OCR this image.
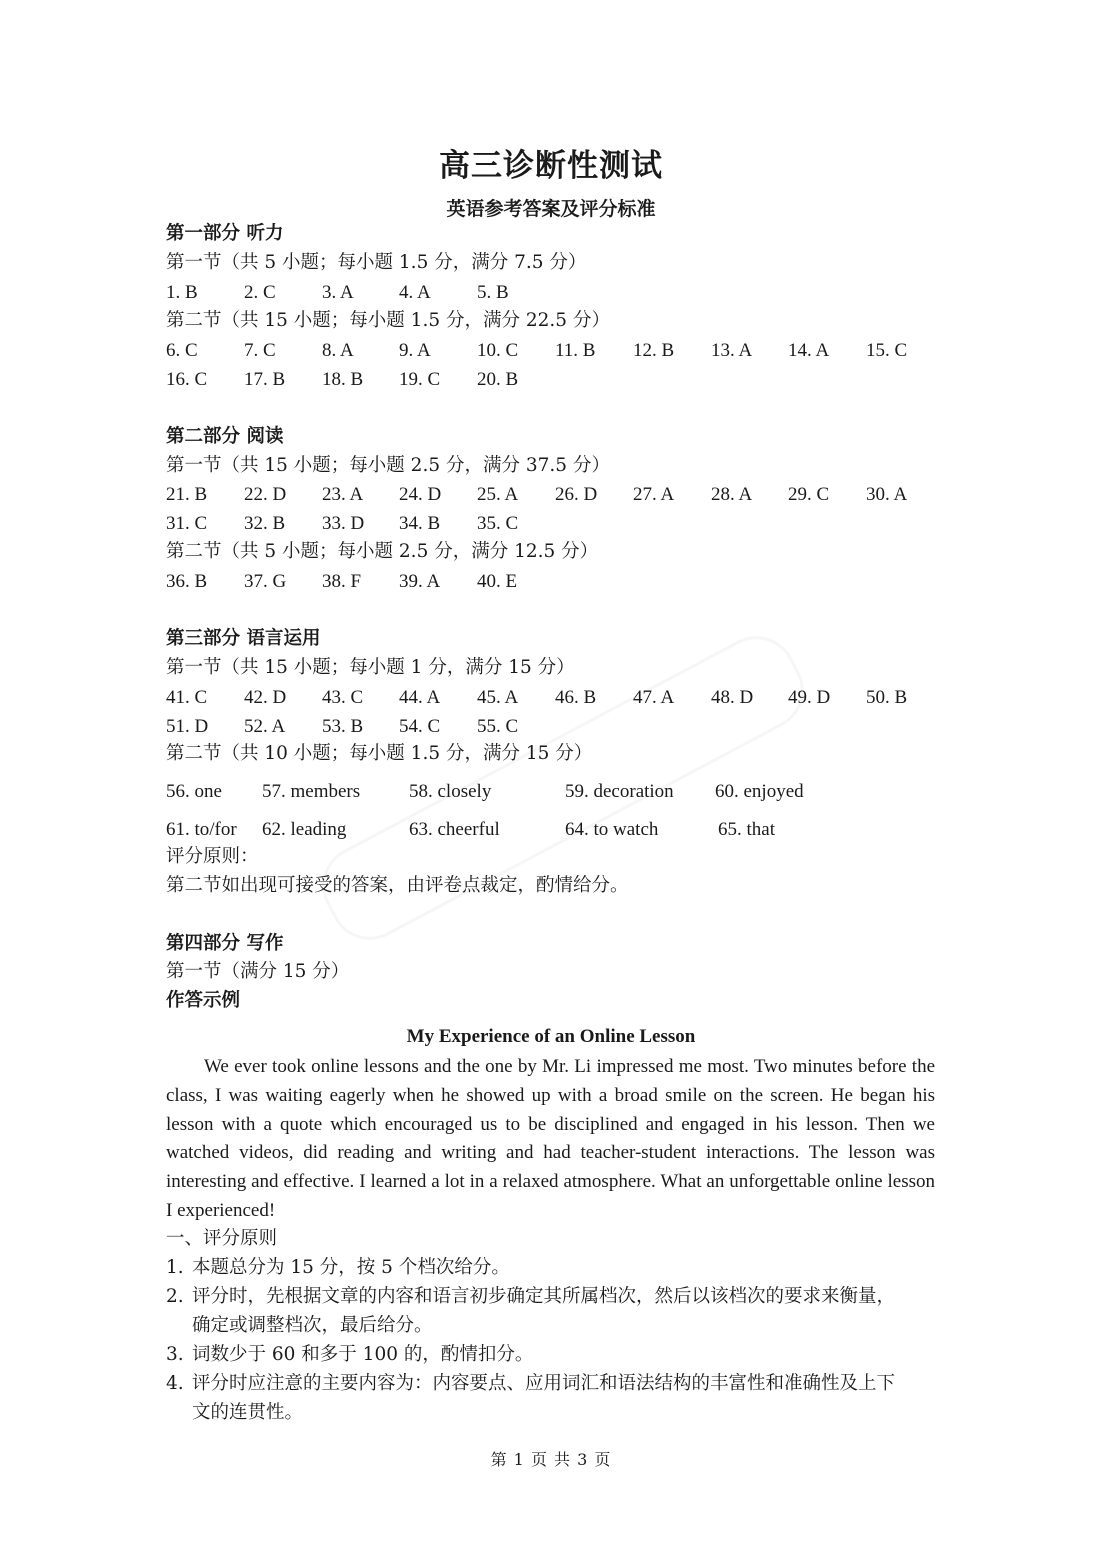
高三诊断性测试
英语参考答案及评分标准
第一部分 听力
第一节（共 5 小题；每小题 1.5 分，满分 7.5 分）
1. B 2. C 3. A 4. A 5. B
第二节（共 15 小题；每小题 1.5 分，满分 22.5 分）
6. C 7. C 8. A 9. A 10. C 11. B 12. B 13. A 14. A 15. C
16. C 17. B 18. B 19. C 20. B
第二部分 阅读
第一节（共 15 小题；每小题 2.5 分，满分 37.5 分）
21. B 22. D 23. A 24. D 25. A 26. D 27. A 28. A 29. C 30. A
31. C 32. B 33. D 34. B 35. C
第二节（共 5 小题；每小题 2.5 分，满分 12.5 分）
36. B 37. G 38. F 39. A 40. E
第三部分 语言运用
第一节（共 15 小题；每小题 1 分，满分 15 分）
41. C 42. D 43. C 44. A 45. A 46. B 47. A 48. D 49. D 50. B
51. D 52. A 53. B 54. C 55. C
第二节（共 10 小题；每小题 1.5 分，满分 15 分）
56. one 57. members	58. closely	59. decoration 60. enjoyed
61. to/for 62. leading	63. cheerful	64. to watch	65. that
评分原则：
第二节如出现可接受的答案，由评卷点裁定，酌情给分。
第四部分 写作
第一节（满分 15 分）
作答示例
My Experience of an Online Lesson

We ever took online lessons and the one by Mr. Li impressed me most. Two minutes before the class, I was waiting eagerly when he showed up with a broad smile on the screen. He began his lesson with a quote which encouraged us to be disciplined and engaged in his lesson. Then we watched videos, did reading and writing and had teacher-student interactions. The lesson was interesting and effective. I learned a lot in a relaxed atmosphere. What an unforgettable online lesson I experienced!

一、评分原则
1. 本题总分为 15 分，按 5 个档次给分。
2. 评分时，先根据文章的内容和语言初步确定其所属档次，然后以该档次的要求来衡量，
确定或调整档次，最后给分。
3. 词数少于 60 和多于 100 的，酌情扣分。
4. 评分时应注意的主要内容为：内容要点、应用词汇和语法结构的丰富性和准确性及上下
文的连贯性。
第 1 页 共 3 页
